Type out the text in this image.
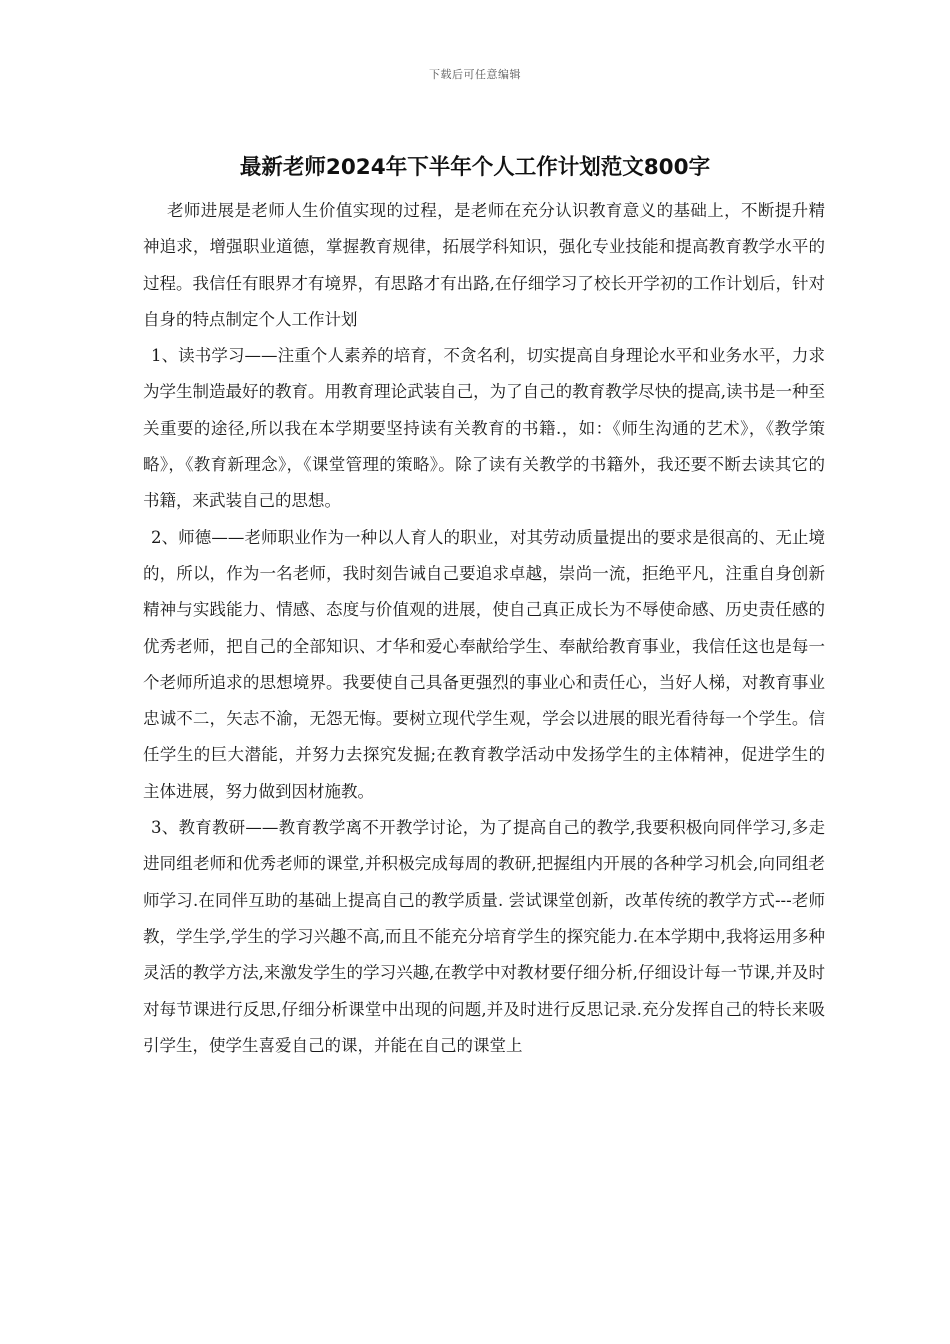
下载后可任意编辑
最新老师2024年下半年个人工作计划范文800字

老师进展是老师人生价值实现的过程，是老师在充分认识教育意义的基础上，不断提升精神追求，增强职业道德，掌握教育规律，拓展学科知识，强化专业技能和提高教育教学水平的过程。我信任有眼界才有境界，有思路才有出路,在仔细学习了校长开学初的工作计划后，针对自身的特点制定个人工作计划

1、读书学习——注重个人素养的培育，不贪名利，切实提高自身理论水平和业务水平，力求为学生制造最好的教育。用教育理论武装自己，为了自己的教育教学尽快的提高,读书是一种至关重要的途径,所以我在本学期要坚持读有关教育的书籍.，如：《师生沟通的艺术》，《教学策略》，《教育新理念》，《课堂管理的策略》。除了读有关教学的书籍外，我还要不断去读其它的书籍，来武装自己的思想。

2、师德——老师职业作为一种以人育人的职业，对其劳动质量提出的要求是很高的、无止境的，所以，作为一名老师，我时刻告诫自己要追求卓越，崇尚一流，拒绝平凡，注重自身创新精神与实践能力、情感、态度与价值观的进展，使自己真正成长为不辱使命感、历史责任感的优秀老师，把自己的全部知识、才华和爱心奉献给学生、奉献给教育事业，我信任这也是每一个老师所追求的思想境界。我要使自己具备更强烈的事业心和责任心，当好人梯，对教育事业忠诚不二，矢志不渝，无怨无悔。要树立现代学生观，学会以进展的眼光看待每一个学生。信任学生的巨大潜能，并努力去探究发掘;在教育教学活动中发扬学生的主体精神，促进学生的主体进展，努力做到因材施教。

3、教育教研——教育教学离不开教学讨论，为了提高自己的教学,我要积极向同伴学习,多走进同组老师和优秀老师的课堂,并积极完成每周的教研,把握组内开展的各种学习机会,向同组老师学习.在同伴互助的基础上提高自己的教学质量. 尝试课堂创新，改革传统的教学方式---老师教，学生学,学生的学习兴趣不高,而且不能充分培育学生的探究能力.在本学期中,我将运用多种灵活的教学方法,来激发学生的学习兴趣,在教学中对教材要仔细分析,仔细设计每一节课,并及时对每节课进行反思,仔细分析课堂中出现的问题,并及时进行反思记录.充分发挥自己的特长来吸引学生，使学生喜爱自己的课，并能在自己的课堂上
